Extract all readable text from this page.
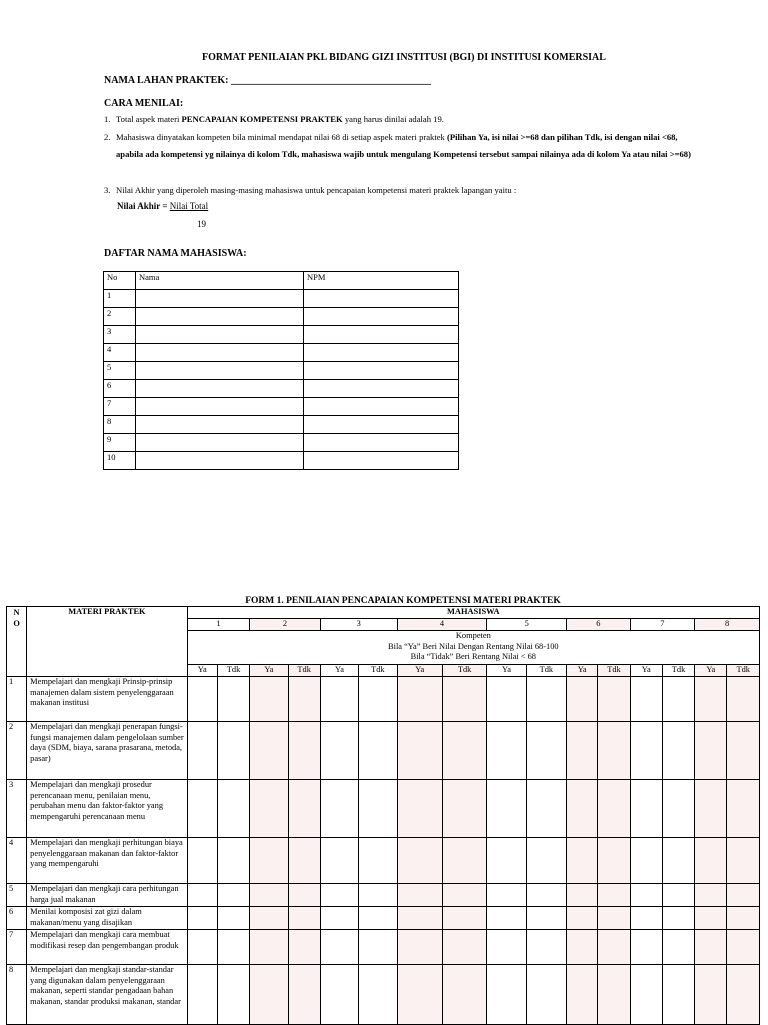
FORMAT PENILAIAN PKL BIDANG GIZI INSTITUSI (BGI) DI INSTITUSI KOMERSIAL
NAMA LAHAN PRAKTEK: ________________________________________
CARA MENILAI:
1. Total aspek materi PENCAPAIAN KOMPETENSI PRAKTEK yang harus dinilai adalah 19.
2. Mahasiswa dinyatakan kompeten bila minimal mendapat nilai 68 di setiap aspek materi praktek (Pilihan Ya, isi nilai >=68 dan pilihan Tdk, isi dengan nilai <68, apabila ada kompetensi yg nilainya di kolom Tdk, mahasiswa wajib untuk mengulang Kompetensi tersebut sampai nilainya ada di kolom Ya atau nilai >=68)
3. Nilai Akhir yang diperoleh masing-masing mahasiswa untuk pencapaian kompetensi materi praktek lapangan yaitu :
Nilai Akhir = Nilai Total
19
DAFTAR NAMA MAHASISWA:
No	Nama	NPM
1		
2		
3		
4		
5		
6		
7		
8		
9		
10		
FORM 1. PENILAIAN PENCAPAIAN KOMPETENSI MATERI PRAKTEK
N
O	MATERI PRAKTEK	MAHASISWA															
		1		2		3		4		5		6		7		8	

		Kompeten
Bila “Ya” Beri Nilai Dengan Rentang Nilai 68-100
Bila “Tidak” Beri Rentang Nilai < 68															

		Ya	Tdk	Ya	Tdk	Ya	Tdk	Ya	Tdk	Ya	Tdk	Ya	Tdk	Ya	Tdk	Ya	Tdk
1	Mempelajari dan mengkaji Prinsip-prinsip manajemen dalam sistem penyelenggaraan makanan institusi																
2	Mempelajari dan mengkaji penerapan fungsi-fungsi manajemen dalam pengelolaan sumber daya (SDM, biaya, sarana prasarana, metoda, pasar)																
3	Mempelajari dan mengkaji prosedur perencanaan menu, penilaian menu, perubahan menu dan faktor-faktor yang mempengaruhi perencanaan menu																
4	Mempelajari dan mengkaji perhitungan biaya penyelenggaraan makanan dan faktor-faktor yang mempengaruhi																
5	Mempelajari dan mengkaji cara perhitungan harga jual makanan																
6	Menilai komposisi zat gizi dalam makanan/menu yang disajikan																
7	Mempelajari dan mengkaji cara membuat modifikasi resep dan pengembangan produk																
8	Mempelajari dan mengkaji standar-standar yang digunakan dalam penyelenggaraan makanan, seperti standar pengadaan bahan makanan, standar produksi makanan, standar																
